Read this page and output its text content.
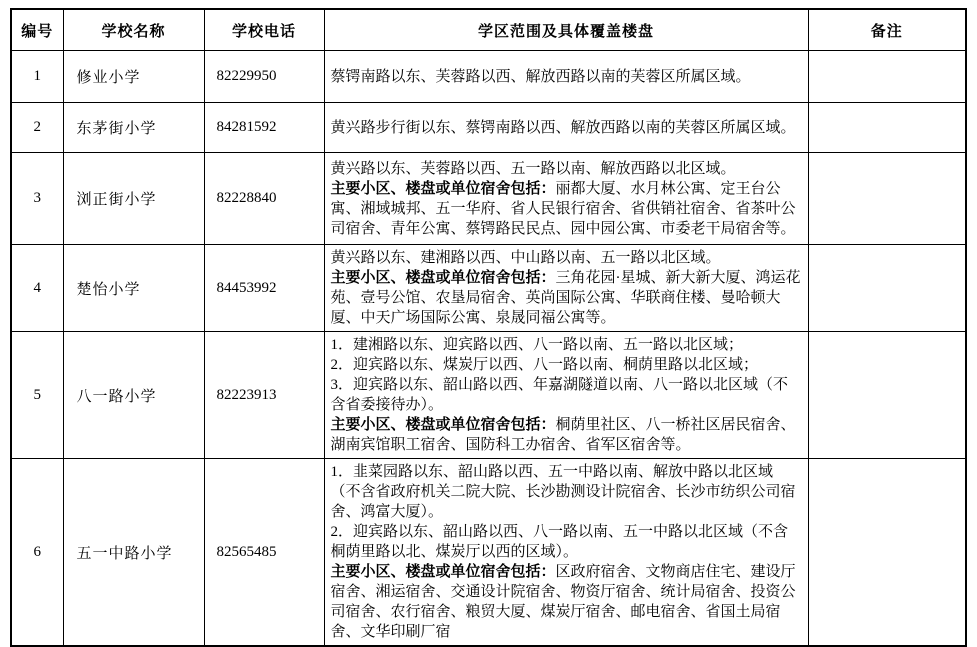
编号	学校名称	学校电话	学区范围及具体覆盖楼盘	备注
1	修业小学	82229950	蔡锷南路以东、芙蓉路以西、解放西路以南的芙蓉区所属区域。	

2	东茅街小学	84281592	黄兴路步行街以东、蔡锷南路以西、解放西路以南的芙蓉区所属区域。	

3	浏正街小学	82228840	黄兴路以东、芙蓉路以西、五一路以南、解放西路以北区域。
主要小区、楼盘或单位宿舍包括：丽都大厦、水月林公寓、定王台公寓、湘域城邦、五一华府、省人民银行宿舍、省供销社宿舍、省茶叶公司宿舍、青年公寓、蔡锷路民民点、园中园公寓、市委老干局宿舍等。	

4	楚怡小学	84453992	黄兴路以东、建湘路以西、中山路以南、五一路以北区域。
主要小区、楼盘或单位宿舍包括：三角花园·星城、新大新大厦、鸿运花苑、壹号公馆、农垦局宿舍、英尚国际公寓、华联商住楼、曼哈顿大厦、中天广场国际公寓、泉晟同福公寓等。	

5	八一路小学	82223913	1．建湘路以东、迎宾路以西、八一路以南、五一路以北区域；
2．迎宾路以东、煤炭厅以西、八一路以南、桐荫里路以北区域；
3．迎宾路以东、韶山路以西、年嘉湖隧道以南、八一路以北区域（不含省委接待办）。
主要小区、楼盘或单位宿舍包括：桐荫里社区、八一桥社区居民宿舍、湖南宾馆职工宿舍、国防科工办宿舍、省军区宿舍等。	

6	五一中路小学	82565485	1．韭菜园路以东、韶山路以西、五一中路以南、解放中路以北区域（不含省政府机关二院大院、长沙勘测设计院宿舍、长沙市纺织公司宿舍、鸿富大厦）。
2．迎宾路以东、韶山路以西、八一路以南、五一中路以北区域（不含桐荫里路以北、煤炭厅以西的区域）。
主要小区、楼盘或单位宿舍包括：区政府宿舍、文物商店住宅、建设厅宿舍、湘运宿舍、交通设计院宿舍、物资厅宿舍、统计局宿舍、投资公司宿舍、农行宿舍、粮贸大厦、煤炭厅宿舍、邮电宿舍、省国土局宿舍、文华印刷厂宿	
